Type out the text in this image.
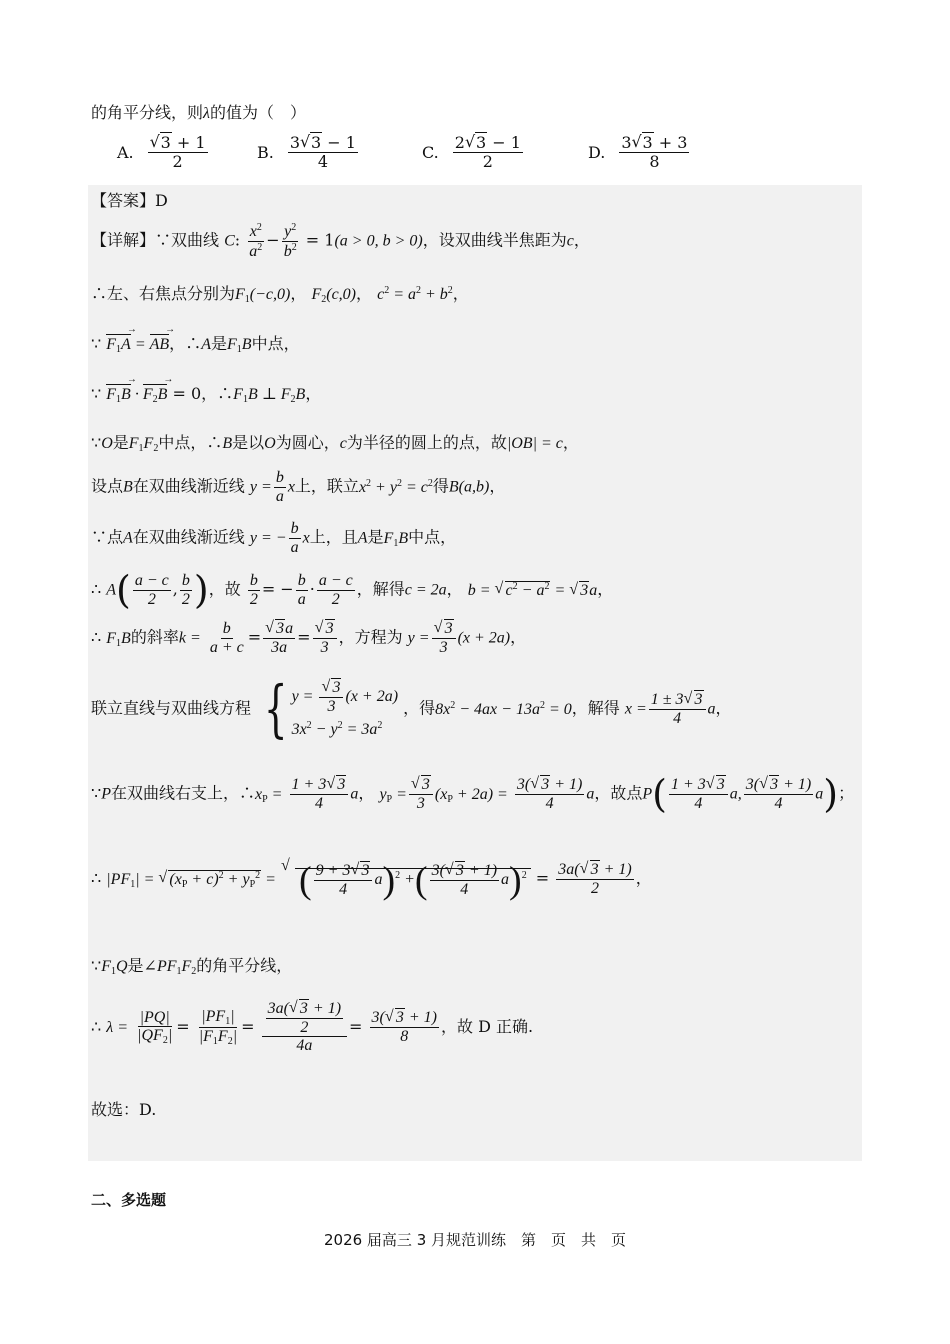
的角平分线，则λ的值为（　）
A. √ $\frac{3 + 1}{2}$	B. $\frac{3 √ 3 - 1}{4}$	C. $\frac{2 √ 3 - 1}{2}$	D. $\frac{3 √ 3 + 3}{8}$
【答案】D
【详解】∵双曲线 C: $\frac{x^2}{a^2} - \frac{y^2}{b^2} = 1(a > 0$, b > 0)，设双曲线半焦距为c，
∴左、右焦点分别为$F_1(-c,0)$， $F_2(c,0)$， $c^2 = a^2 + b^2$，
∵ $F_1A$ → = AB →，∴A是$F_1B$中点，
∵ $F_1B$ → · $F_2B$ → = 0，$\therefore F_1B$ ⊥ $F_2B$，
∵O是$F_1F_2$中点，∴B是以O为圆心，c为半径的圆上的点，故|OB| = c，
设点B在双曲线渐近线 $y = \frac{b}{a}$ x上，联立$x^2 + y^2 = c^2$得B(a,b)，
∵点A在双曲线渐近线 y = − $\frac{b}{a}$ x上，且A是$F_1B$中点，
∴ $A( \frac{a - c}{2}$ , $\frac{b}{2}$ )，故 $\frac{b}{2}$ = − $\frac{b}{a} \cdot \frac{a - c}{2}$ ，解得c = 2a， b = √ $c^2 - a^2$ = √ 3a，
∴ $F_1B$的斜率$k = \frac{b}{a + c}$ = √ $\frac{3a}{3a}$ = √ $\frac{3}{3}$ ，方程为 y = √ $\frac{3}{3} (x + 2a)$，
联立直线与双曲线方程 { y = √ $\frac{3}{3} (x + 2a)$
$3x^2 - y^2 = 3a^2$
，得$8x^2 - 4ax - 13a^2 = 0$，解得 $x = \frac{1 \pm 3 √ 3}{4}$ a，
∵P在双曲线右支上，$\therefore x_P = \frac{1 + 3 √ 3}{4}$ a， $y_P$ = √ $\frac{3}{3} (x_P + 2a) = \frac{3( √ 3 + 1)}{4}$ a，故点$P( \frac{1 + 3 √ 3}{4} a$, $\frac{3( √ 3 + 1)}{4} a$)；
∴ $|PF_1|$ = √ $(x_P + c)^2 + y_P^2$ = √ ( $\frac{9 + 3 √ 3}{4} a)^2$ +( $\frac{3( √ 3 + 1)}{4} a)^2 = \frac{3a( √ 3 + 1)}{2}$ ，
$\because F_1Q$是$\angle PF_1F_2$的角平分线，
∴ $\lambda = \frac{|PQ|}{|QF_2|} = \frac{|PF_1|}{|F_1F_2|} = \frac{\frac{3a( √ 3 + 1)}{2}}{4a} = \frac{3( √ 3 + 1)}{8}$ ，故 D 正确.
故选：D.
二、多选题
2026 届高三 3 月规范训练　第　页　共　页
